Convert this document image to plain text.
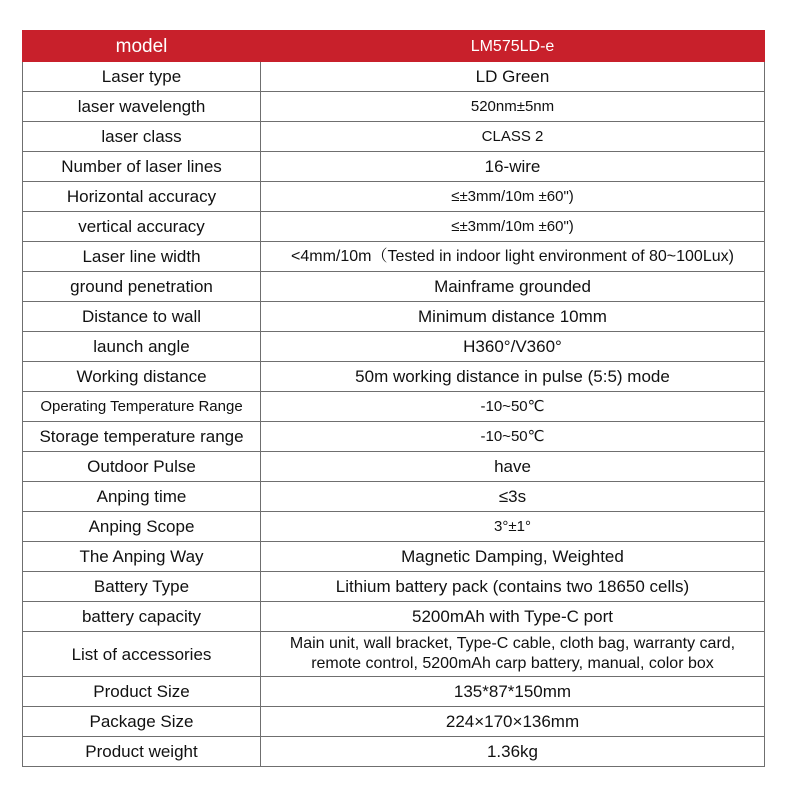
model	LM575LD-e
Laser type	LD Green
laser wavelength	520nm±5nm
laser class	CLASS 2
Number of laser lines	16-wire
Horizontal accuracy	≤±3mm/10m ±60")
vertical accuracy	≤±3mm/10m ±60")
Laser line width	<4mm/10m（Tested in indoor light environment of 80~100Lux)
ground penetration	Mainframe grounded
Distance to wall	Minimum distance 10mm
launch angle	H360°/V360°
Working distance	50m working distance in pulse (5:5) mode
Operating Temperature Range	-10~50℃
Storage temperature range	-10~50℃
Outdoor Pulse	have
Anping time	≤3s
Anping Scope	3°±1°
The Anping Way	Magnetic Damping, Weighted
Battery Type	Lithium battery pack (contains two 18650 cells)
battery capacity	5200mAh with Type-C port
List of accessories	Main unit, wall bracket, Type-C cable, cloth bag, warranty card, remote control, 5200mAh carp battery, manual, color box
Product Size	135*87*150mm
Package Size	224×170×136mm
Product weight	1.36kg
